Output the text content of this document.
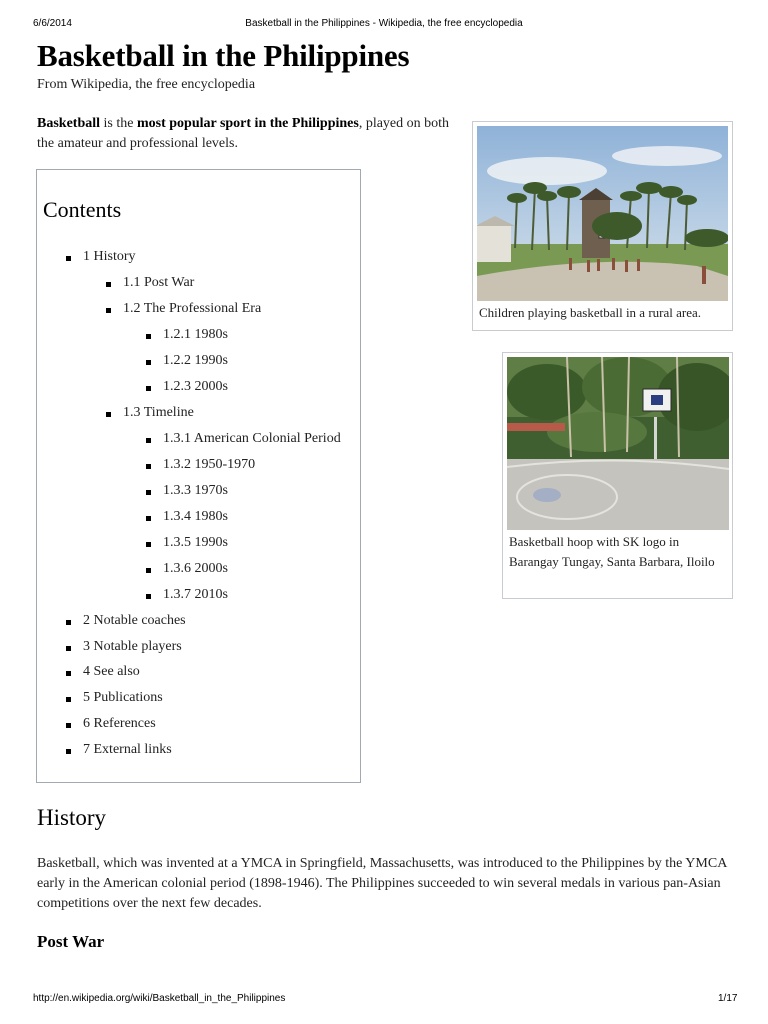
6/6/2014	Basketball in the Philippines - Wikipedia, the free encyclopedia
Basketball in the Philippines
From Wikipedia, the free encyclopedia
Basketball is the most popular sport in the Philippines, played on both the amateur and professional levels.
Contents
1 History
1.1 Post War
1.2 The Professional Era
1.2.1 1980s
1.2.2 1990s
1.2.3 2000s
1.3 Timeline
1.3.1 American Colonial Period
1.3.2 1950-1970
1.3.3 1970s
1.3.4 1980s
1.3.5 1990s
1.3.6 2000s
1.3.7 2010s
2 Notable coaches
3 Notable players
4 See also
5 Publications
6 References
7 External links
Children playing basketball in a rural area.
Basketball hoop with SK logo in Barangay Tungay, Santa Barbara, Iloilo
History
Basketball, which was invented at a YMCA in Springfield, Massachusetts, was introduced to the Philippines by the YMCA early in the American colonial period (1898-1946). The Philippines succeeded to win several medals in various pan-Asian competitions over the next few decades.
Post War
http://en.wikipedia.org/wiki/Basketball_in_the_Philippines	1/17
